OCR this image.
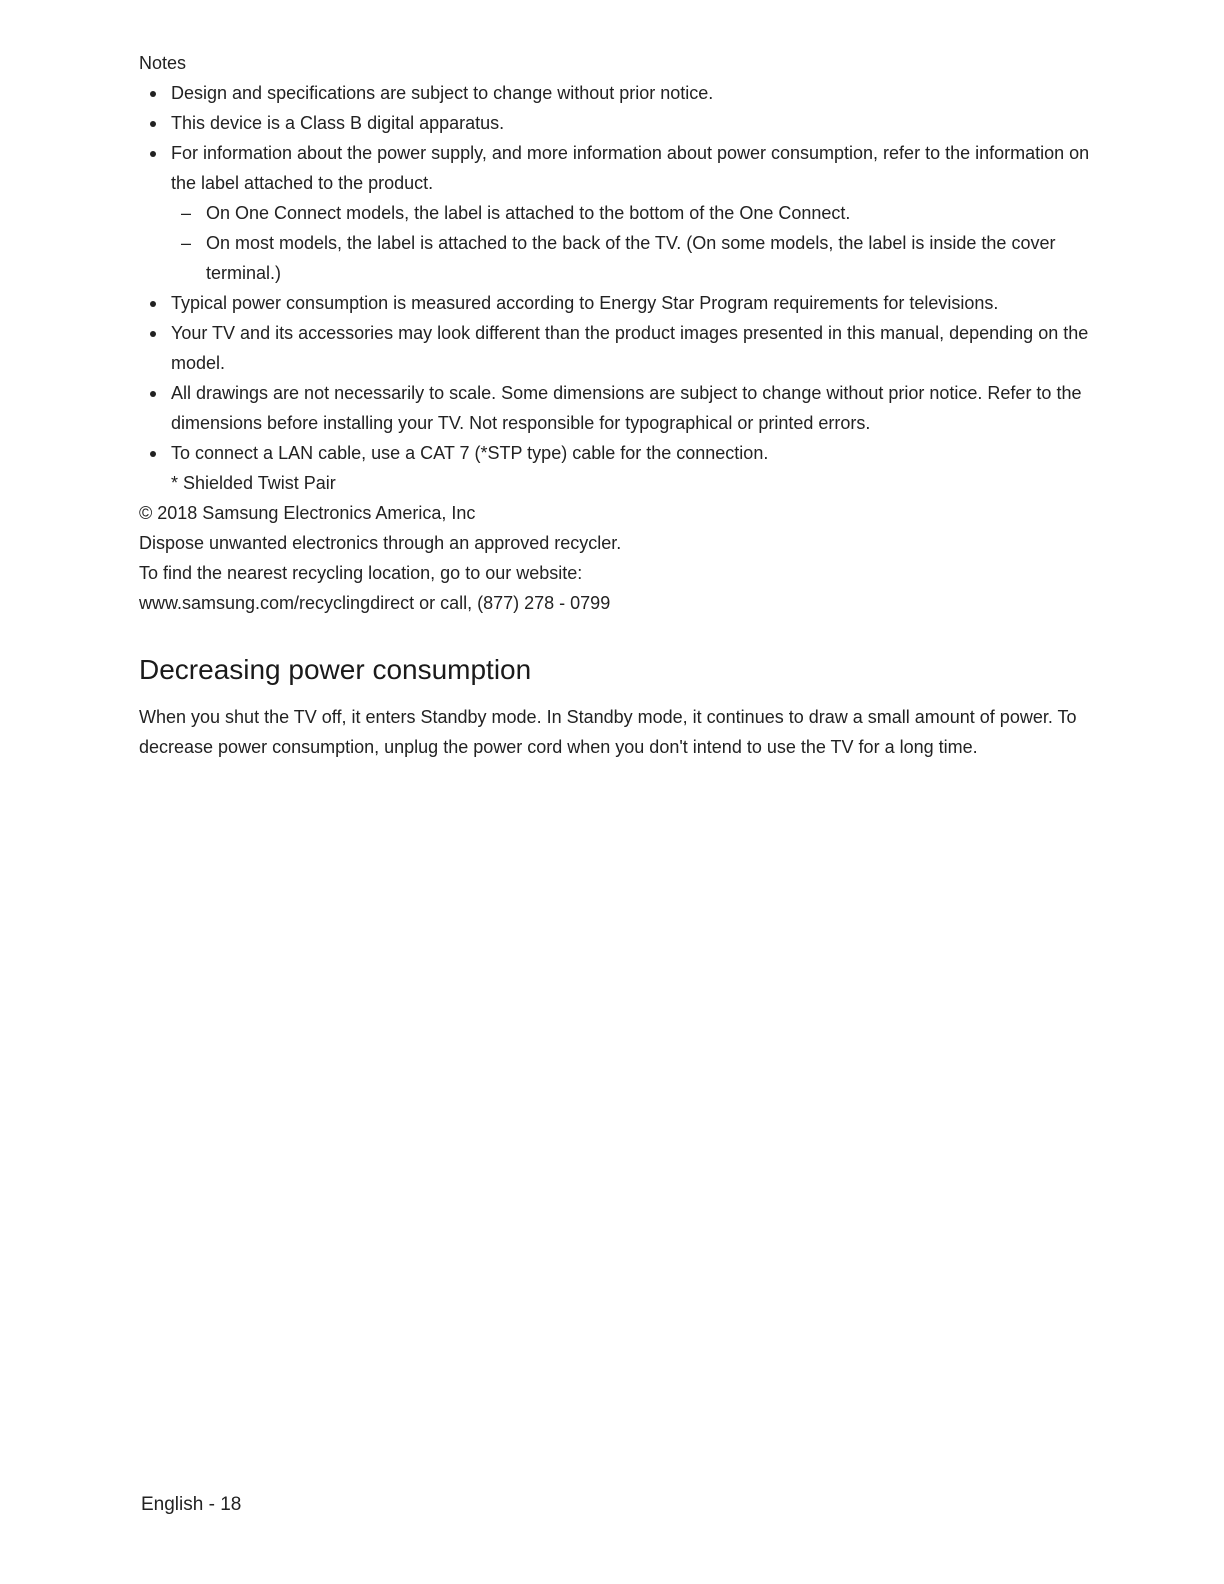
Notes
Design and specifications are subject to change without prior notice.
This device is a Class B digital apparatus.
For information about the power supply, and more information about power consumption, refer to the information on the label attached to the product.
– On One Connect models, the label is attached to the bottom of the One Connect.
– On most models, the label is attached to the back of the TV. (On some models, the label is inside the cover terminal.)
Typical power consumption is measured according to Energy Star Program requirements for televisions.
Your TV and its accessories may look different than the product images presented in this manual, depending on the model.
All drawings are not necessarily to scale. Some dimensions are subject to change without prior notice. Refer to the dimensions before installing your TV. Not responsible for typographical or printed errors.
To connect a LAN cable, use a CAT 7 (*STP type) cable for the connection.
* Shielded Twist Pair

© 2018 Samsung Electronics America, Inc

Dispose unwanted electronics through an approved recycler.

To find the nearest recycling location, go to our website:

www.samsung.com/recyclingdirect or call, (877) 278 - 0799

Decreasing power consumption

When you shut the TV off, it enters Standby mode. In Standby mode, it continues to draw a small amount of power. To decrease power consumption, unplug the power cord when you don't intend to use the TV for a long time.

English - 18
